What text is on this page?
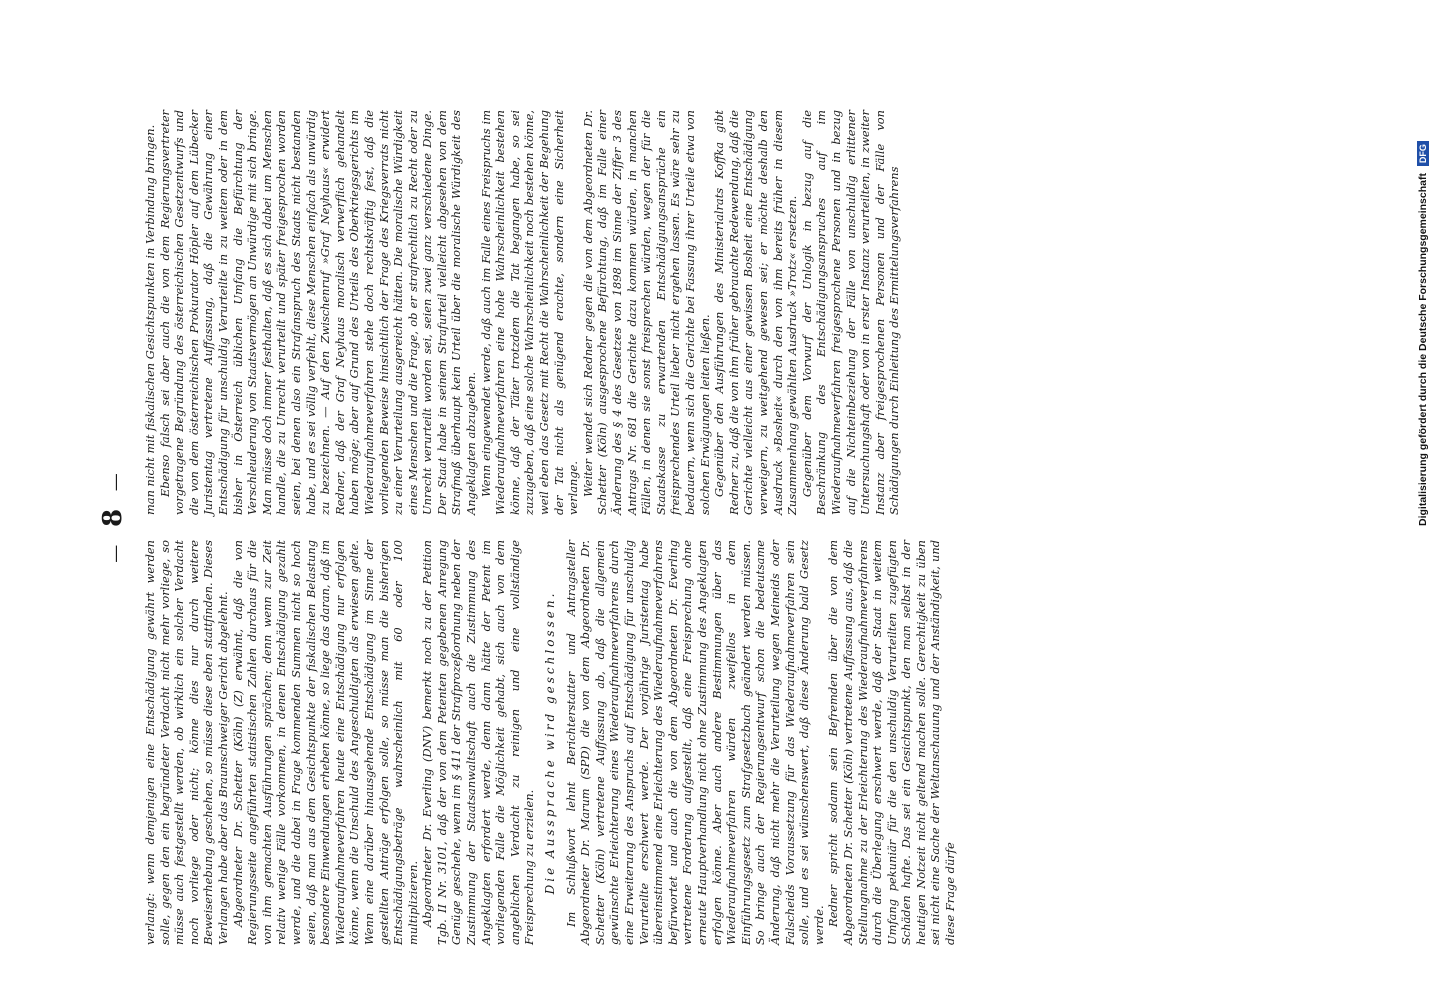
— 8 —

verlangt: wenn demjenigen eine Entschädigung gewährt werden solle, gegen den ein begründeter Verdacht nicht mehr vorliege, so müsse auch festgestellt werden, ob wirklich ein solcher Verdacht noch vorliege oder nicht; könne dies nur durch weitere Beweiserhebung geschehen, so müsse diese eben stattfinden. Dieses Verlangen habe aber das Braunschweiger Gericht abgelehnt. Abgeordneter Dr. Schetter (Köln) (Z) erwähnt, daß die von Regierungsseite angeführten statistischen Zahlen durchaus für die von ihm gemachten Ausführungen sprächen; denn wenn zur Zeit relativ wenige Fälle vorkommen, in denen Entschädigung gezahlt werde, und die dabei in Frage kommenden Summen nicht so hoch seien, daß man aus dem Gesichtspunkte der fiskalischen Belastung besondere Einwendungen erheben könne, so liege das daran, daß im Wiederaufnahmeverfahren heute eine Entschädigung nur erfolgen könne, wenn die Unschuld des Angeschuldigten als erwiesen gelte. Wenn eine darüber hinausgehende Entschädigung im Sinne der gestellten Anträge erfolgen solle, so müsse man die bisherigen Entschädigungsbeträge wahrscheinlich mit 60 oder 100 multiplizieren. Abgeordneter Dr. Everling (DNV) bemerkt noch zu der Petition Tgb. II Nr. 3101, daß der von dem Petenten gegebenen Anregung Genüge geschehe, wenn im § 411 der Strafprozeßordnung neben der Zustimmung der Staatsanwaltschaft auch die Zustimmung des Angeklagten erfordert werde, denn dann hätte der Petent im vorliegenden Falle die Möglichkeit gehabt, sich auch von dem angeblichen Verdacht zu reinigen und eine vollständige Freisprechung zu erzielen. Die Aussprache wird geschlossen. Im Schlußwort lehnt Berichterstatter und Antragsteller Abgeordneter Dr. Marum (SPD) die von dem Abgeordneten Dr. Schetter (Köln) vertretene Auffassung ab, daß die allgemein gewünschte Erleichterung eines Wiederaufnahmeverfahrens durch eine Erweiterung des Anspruchs auf Entschädigung für unschuldig Verurteilte erschwert werde. Der vorjährige Juristentag habe übereinstimmend eine Erleichterung des Wiederaufnahmeverfahrens befürwortet und auch die von dem Abgeordneten Dr. Everling vertretene Forderung aufgestellt, daß eine Freisprechung ohne erneute Hauptverhandlung nicht ohne Zustimmung des Angeklagten erfolgen könne. Aber auch andere Bestimmungen über das Wiederaufnahmeverfahren würden zweifellos in dem Einführungsgesetz zum Strafgesetzbuch geändert werden müssen. So bringe auch der Regierungsentwurf schon die bedeutsame Änderung, daß nicht mehr die Verurteilung wegen Meineids oder Falscheids Voraussetzung für das Wiederaufnahmeverfahren sein solle, und es sei wünschenswert, daß diese Änderung bald Gesetz werde. Redner spricht sodann sein Befremden über die von dem Abgeordneten Dr. Schetter (Köln) vertretene Auffassung aus, daß die Stellungnahme zu der Erleichterung des Wiederaufnahmeverfahrens durch die Überlegung erschwert werde, daß der Staat in weitem Umfang pekuniär für die den unschuldig Verurteilten zugefügten Schäden hafte. Das sei ein Gesichtspunkt, den man selbst in der heutigen Notzeit nicht geltend machen solle. Gerechtigkeit zu üben sei nicht eine Sache der Weltanschauung und der Anständigkeit, und diese Frage dürfe

man nicht mit fiskalischen Gesichtspunkten in Verbindung bringen. Ebenso falsch sei aber auch die von dem Regierungsvertreter vorgetragene Begründung des österreichischen Gesetzentwurfs und die von dem österreichischen Prokurator Höpler auf dem Lübecker Juristentag vertretene Auffassung, daß die Gewährung einer Entschädigung für unschuldig Verurteilte in zu weitem oder in dem bisher in Österreich üblichen Umfang die Befürchtung der Verschleuderung von Staatsvermögen an Unwürdige mit sich bringe. Man müsse doch immer festhalten, daß es sich dabei um Menschen handle, die zu Unrecht verurteilt und später freigesprochen worden seien, bei denen also ein Strafanspruch des Staats nicht bestanden habe, und es sei völlig verfehlt, diese Menschen einfach als unwürdig zu bezeichnen. — Auf den Zwischenruf »Graf Neyhaus« erwidert Redner, daß der Graf Neyhaus moralisch verwerflich gehandelt haben möge; aber auf Grund des Urteils des Oberkriegsgerichts im Wiederaufnahmeverfahren stehe doch rechtskräftig fest, daß die vorliegenden Beweise hinsichtlich der Frage des Kriegsverrats nicht zu einer Verurteilung ausgereicht hätten. Die moralische Würdigkeit eines Menschen und die Frage, ob er strafrechtlich zu Recht oder zu Unrecht verurteilt worden sei, seien zwei ganz verschiedene Dinge. Der Staat habe in seinem Strafurteil vielleicht abgesehen von dem Strafmaß überhaupt kein Urteil über die moralische Würdigkeit des Angeklagten abzugeben. Wenn eingewendet werde, daß auch im Falle eines Freispruchs im Wiederaufnahmeverfahren eine hohe Wahrscheinlichkeit bestehen könne, daß der Täter trotzdem die Tat begangen habe, so sei zuzugeben, daß eine solche Wahrscheinlichkeit noch bestehen könne, weil eben das Gesetz mit Recht die Wahrscheinlichkeit der Begehung der Tat nicht als genügend erachte, sondern eine Sicherheit verlange. Weiter wendet sich Redner gegen die von dem Abgeordneten Dr. Schetter (Köln) ausgesprochene Befürchtung, daß im Falle einer Änderung des § 4 des Gesetzes von 1898 im Sinne der Ziffer 3 des Antrags Nr. 681 die Gerichte dazu kommen würden, in manchen Fällen, in denen sie sonst freisprechen würden, wegen der für die Staatskasse zu erwartenden Entschädigungsansprüche ein freisprechendes Urteil lieber nicht ergehen lassen. Es wäre sehr zu bedauern, wenn sich die Gerichte bei Fassung ihrer Urteile etwa von solchen Erwägungen leiten ließen. Gegenüber den Ausführungen des Ministerialrats Koffka gibt Redner zu, daß die von ihm früher gebrauchte Redewendung, daß die Gerichte vielleicht aus einer gewissen Bosheit eine Entschädigung verweigern, zu weitgehend gewesen sei; er möchte deshalb den Ausdruck »Bosheit« durch den von ihm bereits früher in diesem Zusammenhang gewählten Ausdruck »Trotz« ersetzen. Gegenüber dem Vorwurf der Unlogik in bezug auf die Beschränkung des Entschädigungsanspruches auf im Wiederaufnahmeverfahren freigesprochene Personen und in bezug auf die Nichteinbeziehung der Fälle von unschuldig erlittener Untersuchungshaft oder von in erster Instanz verurteilten, in zweiter Instanz aber freigesprochenen Personen und der Fälle von Schädigungen durch Einleitung des Ermittelungsverfahrens	Digitalisierung gefördert durch die Deutsche Forschungsgemeinschaft DFG
